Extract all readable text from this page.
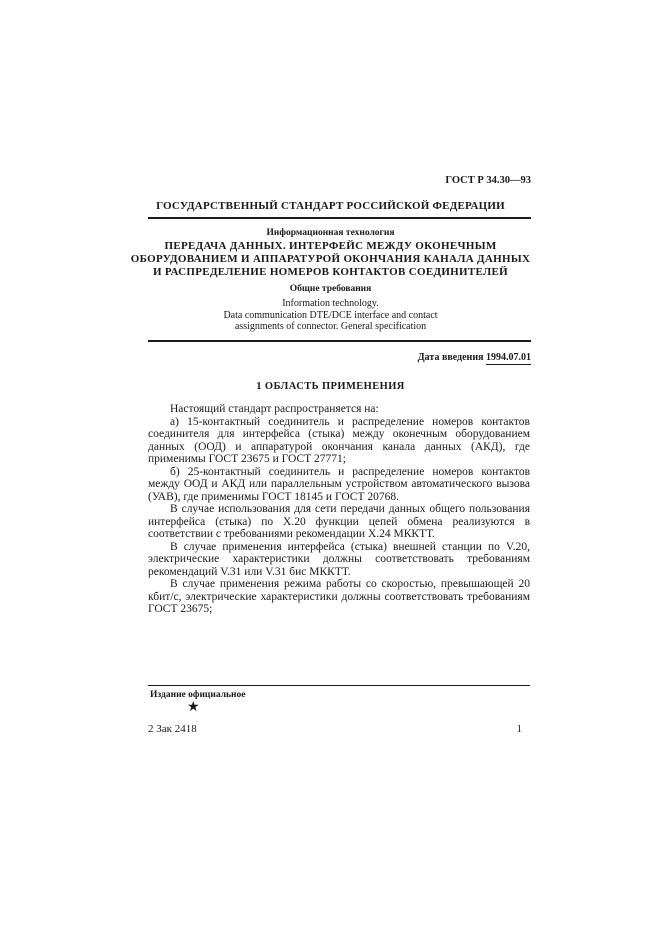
ГОСТ Р 34.30—93
ГОСУДАРСТВЕННЫЙ СТАНДАРТ РОССИЙСКОЙ ФЕДЕРАЦИИ
Информационная технология
ПЕРЕДАЧА ДАННЫХ. ИНТЕРФЕЙС МЕЖДУ ОКОНЕЧНЫМ
ОБОРУДОВАНИЕМ И АППАРАТУРОЙ ОКОНЧАНИЯ КАНАЛА ДАННЫХ
И РАСПРЕДЕЛЕНИЕ НОМЕРОВ КОНТАКТОВ СОЕДИНИТЕЛЕЙ
Общие требования
Information technology.
Data communication DTE/DCE interface and contact
assignments of connector. General specification
Дата введения 1994.07.01
1 ОБЛАСТЬ ПРИМЕНЕНИЯ

Настоящий стандарт распространяется на:

а) 15-контактный соединитель и распределение номеров контактов соединителя для интерфейса (стыка) между оконечным оборудованием данных (ООД) и аппаратурой окончания канала данных (АКД), где применимы ГОСТ 23675 и ГОСТ 27771;

б) 25-контактный соединитель и распределение номеров контактов между ООД и АКД или параллельным устройством автоматического вызова (УАВ), где применимы ГОСТ 18145 и ГОСТ 20768.

В случае использования для сети передачи данных общего пользования интерфейса (стыка) по Х.20 функции цепей обмена реализуются в соответствии с требованиями рекомендации Х.24 МККТТ.

В случае применения интерфейса (стыка) внешней станции по V.20, электрические характеристики должны соответствовать требованиям рекомендаций V.31 или V.31 бис МККТТ.

В случае применения режима работы со скоростью, превышающей 20 кбит/с, электрические характеристики должны соответствовать требованиям ГОСТ 23675;

Издание официальное
★
2 Зак 2418	1
